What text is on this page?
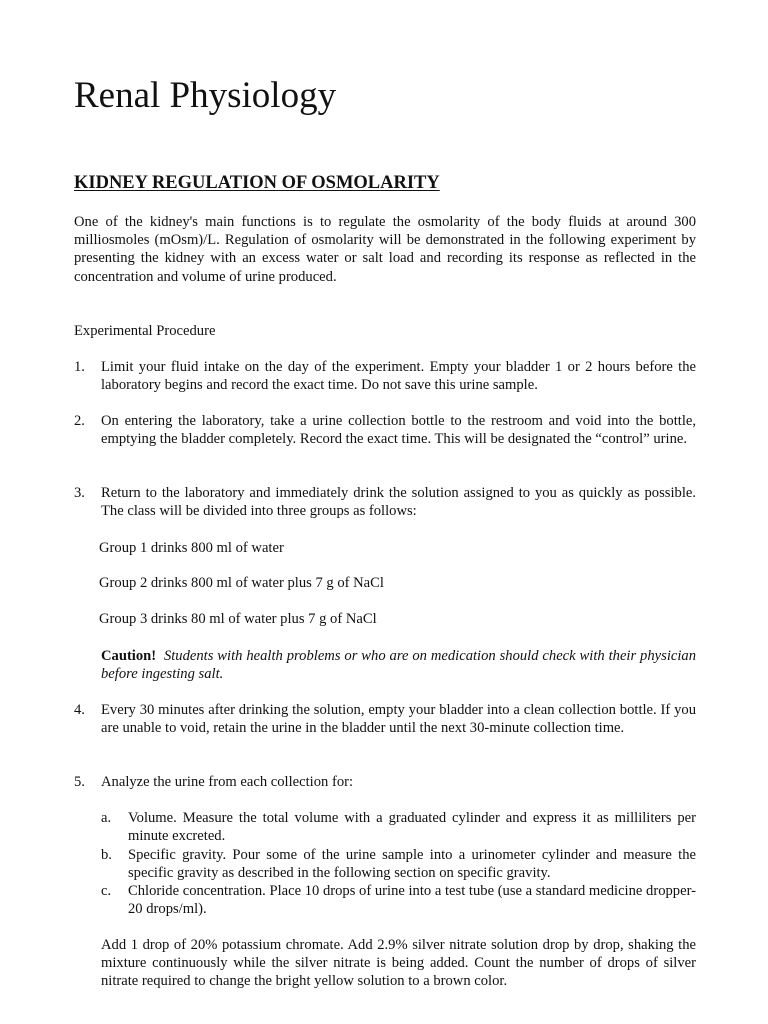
Renal Physiology
KIDNEY REGULATION OF OSMOLARITY
One of the kidney's main functions is to regulate the osmolarity of the body fluids at around 300 milliosmoles (mOsm)/L. Regulation of osmolarity will be demonstrated in the following experiment by presenting the kidney with an excess water or salt load and recording its response as reflected in the concentration and volume of urine produced.
Experimental Procedure
1. Limit your fluid intake on the day of the experiment. Empty your bladder 1 or 2 hours before the laboratory begins and record the exact time. Do not save this urine sample.
2. On entering the laboratory, take a urine collection bottle to the restroom and void into the bottle, emptying the bladder completely. Record the exact time. This will be designated the “control” urine.
3. Return to the laboratory and immediately drink the solution assigned to you as quickly as possible. The class will be divided into three groups as follows:
Group 1 drinks 800 ml of water
Group 2 drinks 800 ml of water plus 7 g of NaCl
Group 3 drinks 80 ml of water plus 7 g of NaCl
Caution! Students with health problems or who are on medication should check with their physician before ingesting salt.
4. Every 30 minutes after drinking the solution, empty your bladder into a clean collection bottle. If you are unable to void, retain the urine in the bladder until the next 30-minute collection time.
5. Analyze the urine from each collection for:
a. Volume. Measure the total volume with a graduated cylinder and express it as milliliters per minute excreted.
b. Specific gravity. Pour some of the urine sample into a urinometer cylinder and measure the specific gravity as described in the following section on specific gravity.
c. Chloride concentration. Place 10 drops of urine into a test tube (use a standard medicine dropper-20 drops/ml).
Add 1 drop of 20% potassium chromate. Add 2.9% silver nitrate solution drop by drop, shaking the mixture continuously while the silver nitrate is being added. Count the number of drops of silver nitrate required to change the bright yellow solution to a brown color.
